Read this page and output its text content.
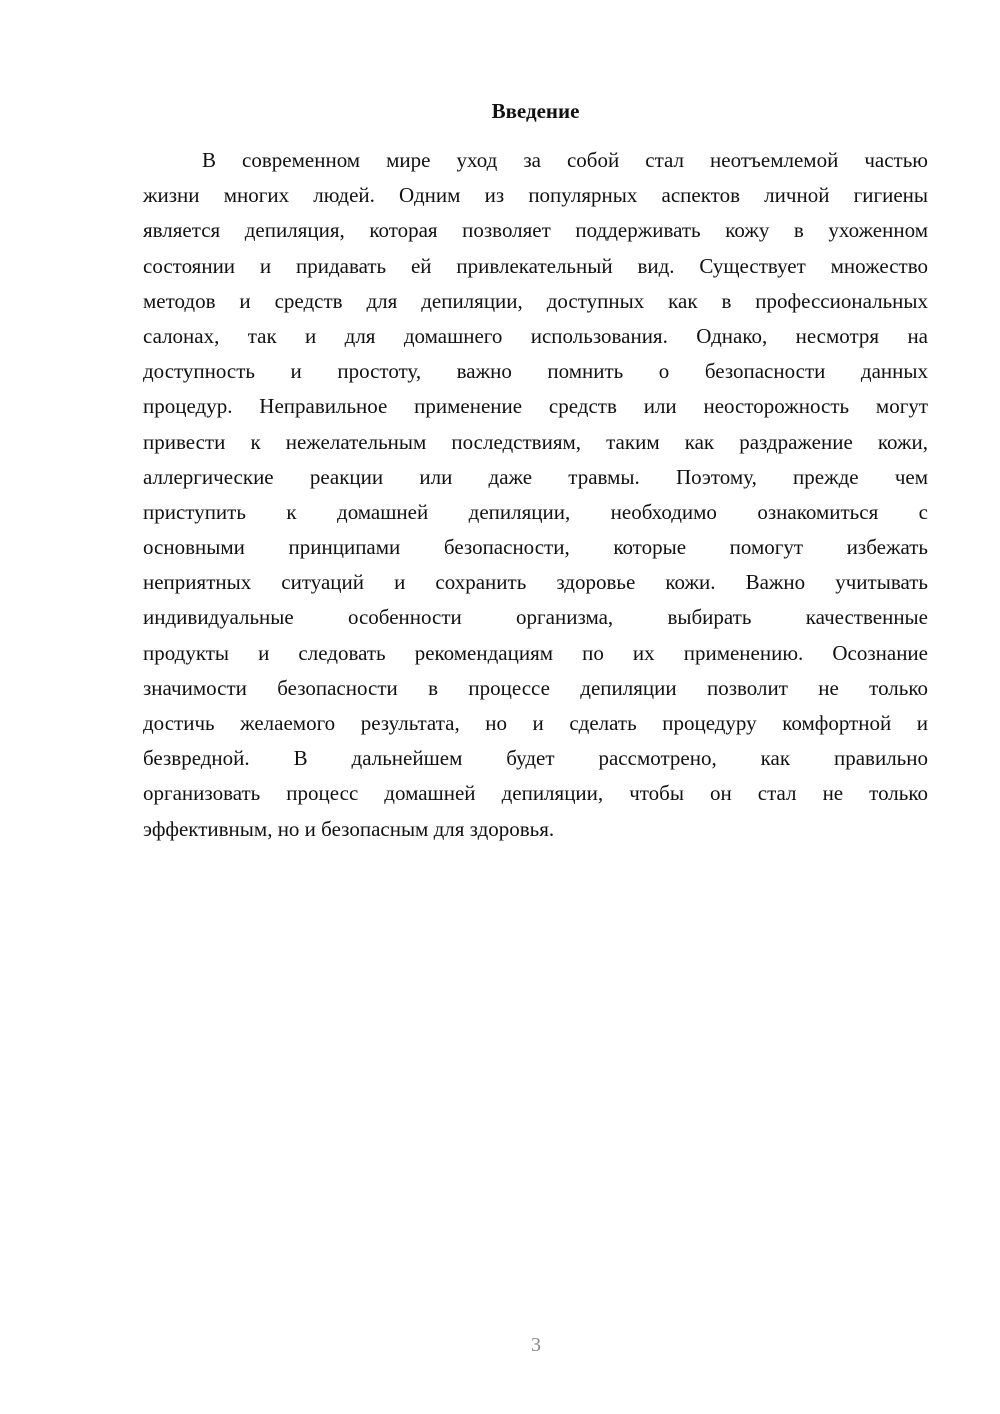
Введение
В современном мире уход за собой стал неотъемлемой частью
жизни многих людей. Одним из популярных аспектов личной гигиены
является депиляция, которая позволяет поддерживать кожу в ухоженном
состоянии и придавать ей привлекательный вид. Существует множество
методов и средств для депиляции, доступных как в профессиональных
салонах, так и для домашнего использования. Однако, несмотря на
доступность и простоту, важно помнить о безопасности данных
процедур. Неправильное применение средств или неосторожность могут
привести к нежелательным последствиям, таким как раздражение кожи,
аллергические реакции или даже травмы. Поэтому, прежде чем
приступить к домашней депиляции, необходимо ознакомиться с
основными принципами безопасности, которые помогут избежать
неприятных ситуаций и сохранить здоровье кожи. Важно учитывать
индивидуальные особенности организма, выбирать качественные
продукты и следовать рекомендациям по их применению. Осознание
значимости безопасности в процессе депиляции позволит не только
достичь желаемого результата, но и сделать процедуру комфортной и
безвредной. В дальнейшем будет рассмотрено, как правильно
организовать процесс домашней депиляции, чтобы он стал не только
эффективным, но и безопасным для здоровья.
3
